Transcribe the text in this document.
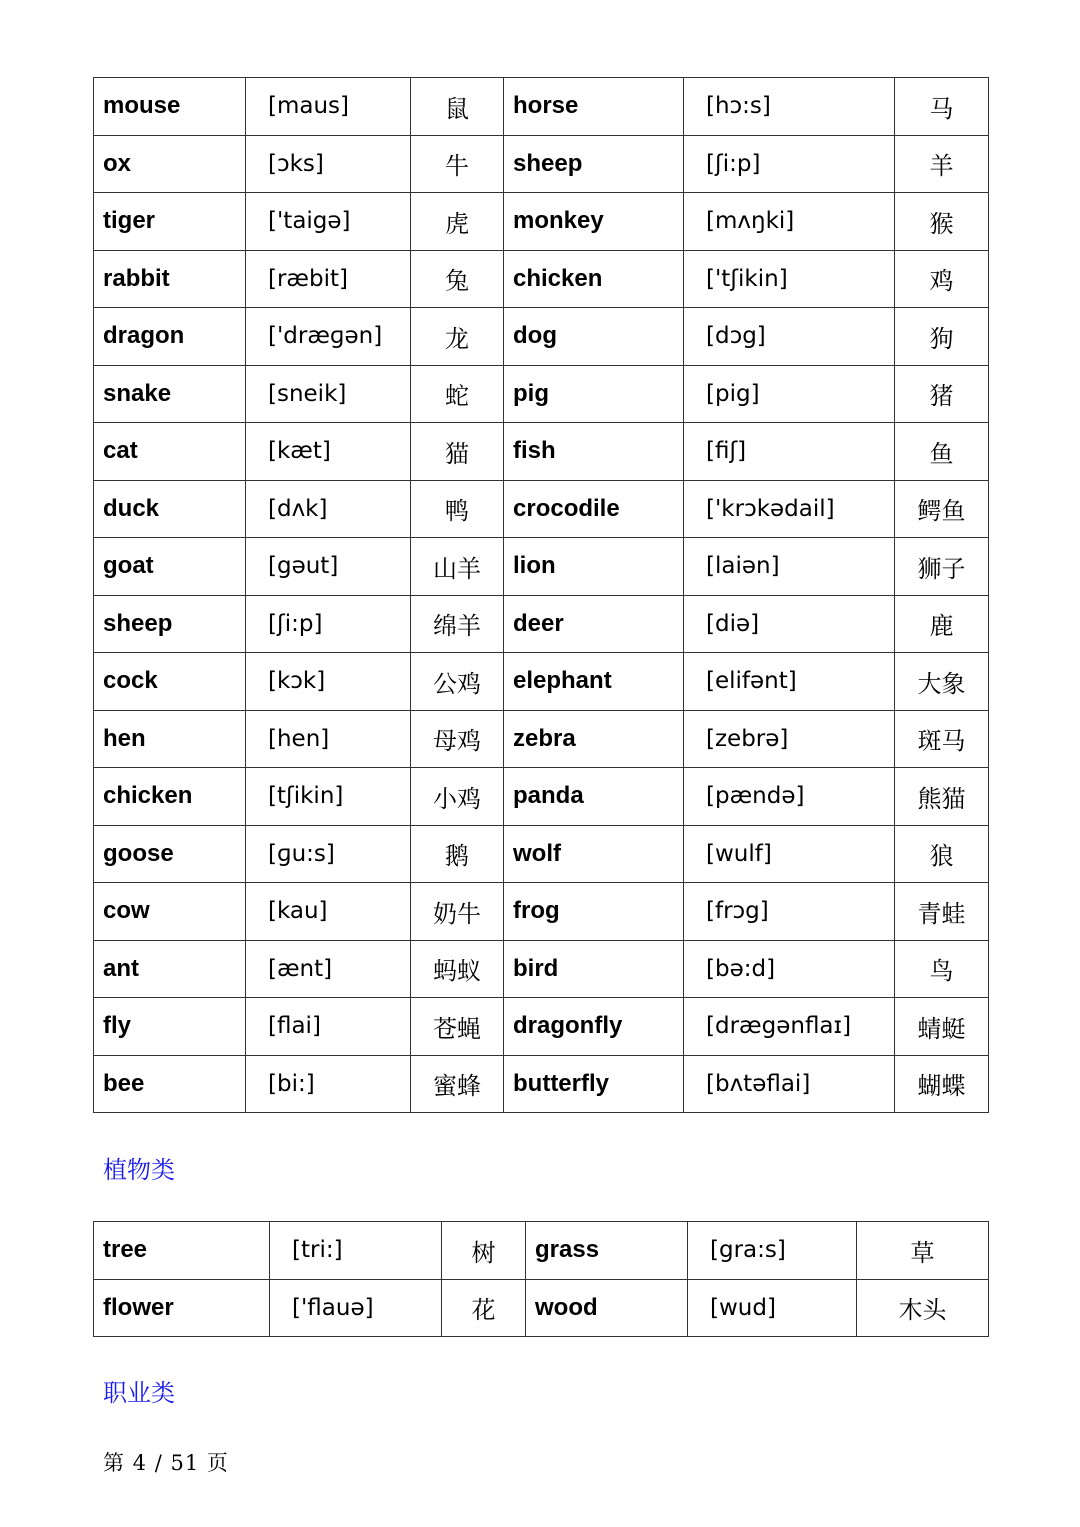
mouse	[maus]	鼠	horse	[hɔ:s]	马
ox	[ɔks]	牛	sheep	[ʃi:p]	羊
tiger	['taigə]	虎	monkey	[mʌŋki]	猴
rabbit	[ræbit]	兔	chicken	['tʃikin]	鸡
dragon	['dræɡən]	龙	dog	[dɔg]	狗
snake	[sneik]	蛇	pig	[pig]	猪
cat	[kæt]	猫	fish	[fiʃ]	鱼
duck	[dʌk]	鸭	crocodile	['krɔkədail]	鳄鱼
goat	[gəut]	山羊	lion	[laiən]	狮子
sheep	[ʃi:p]	绵羊	deer	[diə]	鹿
cock	[kɔk]	公鸡	elephant	[elifənt]	大象
hen	[hen]	母鸡	zebra	[zebrə]	斑马
chicken	[tʃikin]	小鸡	panda	[pændə]	熊猫
goose	[ɡu:s]	鹅	wolf	[wulf]	狼
cow	[kau]	奶牛	frog	[frɔg]	青蛙
ant	[ænt]	蚂蚁	bird	[bə:d]	鸟
fly	[flai]	苍蝇	dragonfly	[drægənflaɪ]	蜻蜓
bee	[bi:]	蜜蜂	butterfly	[bʌtəflai]	蝴蝶
植物类
tree	[tri:]	树	grass	[gra:s]	草
flower	['flauə]	花	wood	[wud]	木头
职业类
第 4 / 51 页
